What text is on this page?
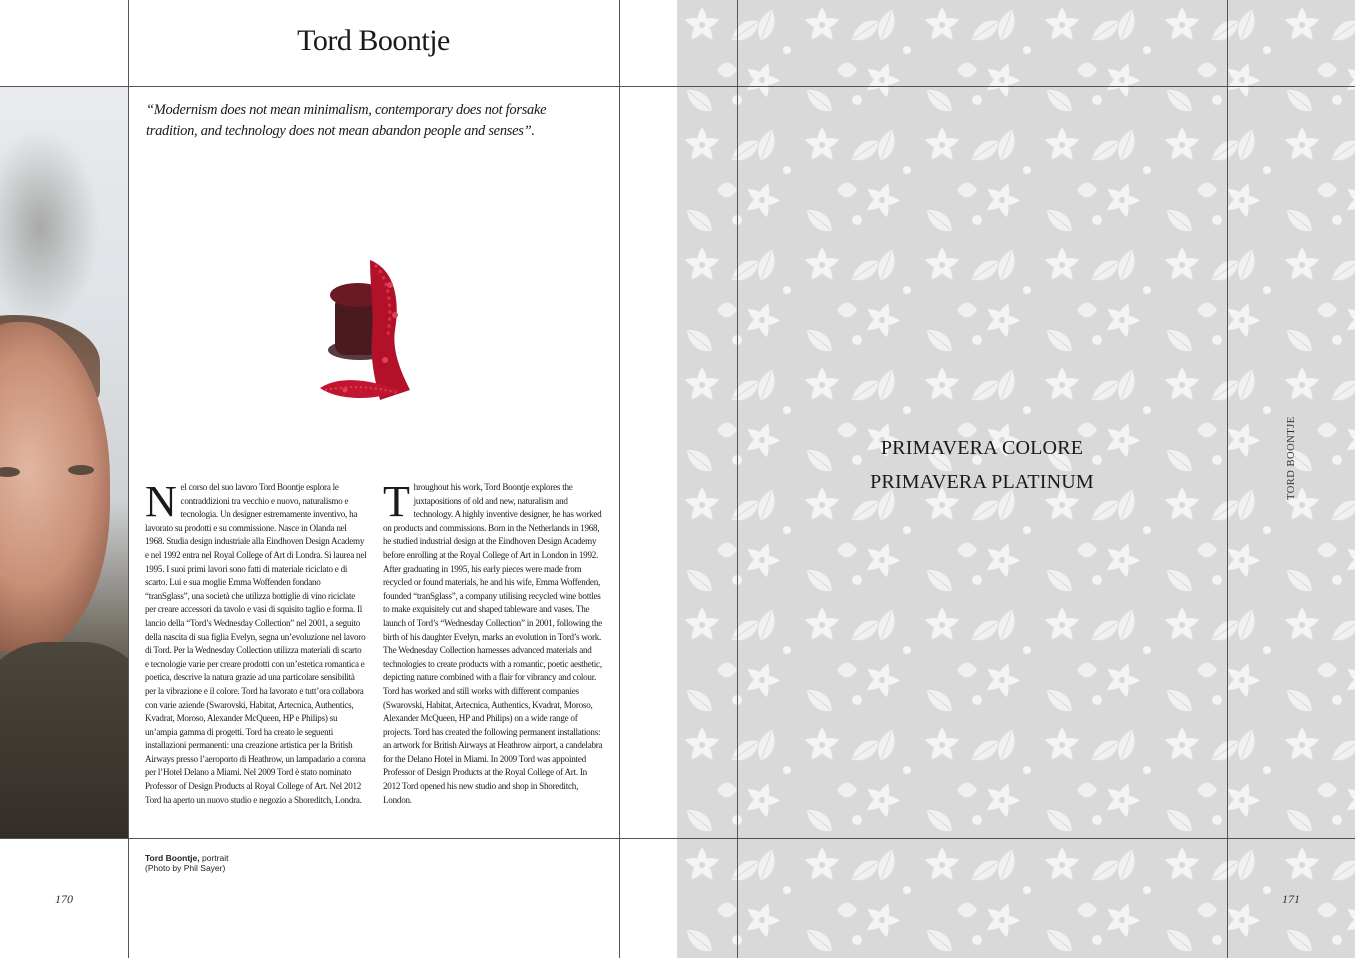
Tord Boontje
“Modernism does not mean minimalism, contemporary does not forsake tradition, and technology does not mean abandon people and senses”.
Nel corso del suo lavoro Tord Boontje esplora le contraddizioni tra vecchio e nuovo, naturalismo e tecnologia. Un designer estremamente inventivo, ha lavorato su prodotti e su commissione. Nasce in Olanda nel 1968. Studia design industriale alla Eindhoven Design Academy e nel 1992 entra nel Royal College of Art di Londra. Si laurea nel 1995. I suoi primi lavori sono fatti di materiale riciclato e di scarto. Lui e sua moglie Emma Woffenden fondano “tranSglass”, una società che utilizza bottiglie di vino riciclate per creare accessori da tavolo e vasi di squisito taglio e forma. Il lancio della “Tord’s Wednesday Collection” nel 2001, a seguito della nascita di sua figlia Evelyn, segna un’evoluzione nel lavoro di Tord. Per la Wednesday Collection utilizza materiali di scarto e tecnologie varie per creare prodotti con un’estetica romantica e poetica, descrive la natura grazie ad una particolare sensibilità per la vibrazione e il colore. Tord ha lavorato e tutt’ora collabora con varie aziende (Swarovski, Habitat, Artecnica, Authentics, Kvadrat, Moroso, Alexander McQueen, HP e Philips) su un’ampia gamma di progetti. Tord ha creato le seguenti installazioni permanenti: una creazione artistica per la British Airways presso l’aeroporto di Heathrow, un lampadario a corona per l’Hotel Delano a Miami. Nel 2009 Tord è stato nominato Professor of Design Products al Royal College of Art. Nel 2012 Tord ha aperto un nuovo studio e negozio a Shoreditch, Londra.
Throughout his work, Tord Boontje explores the juxtapositions of old and new, naturalism and technology. A highly inventive designer, he has worked on products and commissions. Born in the Netherlands in 1968, he studied industrial design at the Eindhoven Design Academy before enrolling at the Royal College of Art in London in 1992. After graduating in 1995, his early pieces were made from recycled or found materials, he and his wife, Emma Woffenden, founded “tranSglass”, a company utilising recycled wine bottles to make exquisitely cut and shaped tableware and vases. The launch of Tord’s “Wednesday Collection” in 2001, following the birth of his daughter Evelyn, marks an evolution in Tord’s work. The Wednesday Collection harnesses advanced materials and technologies to create products with a romantic, poetic aesthetic, depicting nature combined with a flair for vibrancy and colour. Tord has worked and still works with different companies (Swarovski, Habitat, Artecnica, Authentics, Kvadrat, Moroso, Alexander McQueen, HP and Philips) on a wide range of projects. Tord has created the following permanent installations: an artwork for British Airways at Heathrow airport, a candelabra for the Delano Hotel in Miami. In 2009 Tord was appointed Professor of Design Products at the Royal College of Art. In 2012 Tord opened his new studio and shop in Shoreditch, London.
Tord Boontje, portrait
(Photo by Phil Sayer)
170
PRIMAVERA COLORE
PRIMAVERA PLATINUM	TORD BOONTJE
171
